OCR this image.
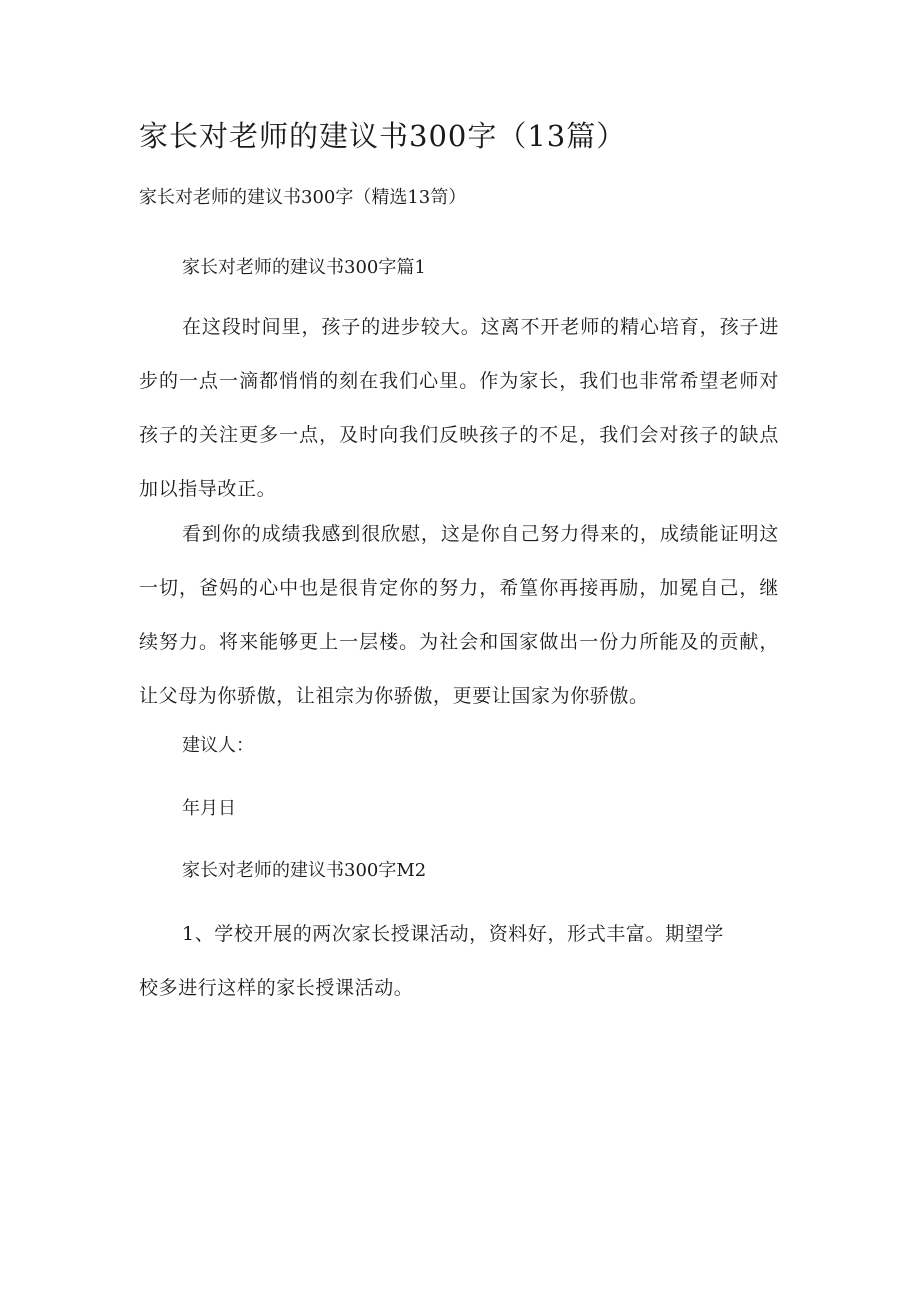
家长对老师的建议书300字（13篇）

家长对老师的建议书300字（精选13笥）

家长对老师的建议书300字篇1

在这段时间里，孩子的进步较大。这离不开老师的精心培育，孩子进
步的一点一滴都悄悄的刻在我们心里。作为家长，我们也非常希望老师对
孩子的关注更多一点，及时向我们反映孩子的不足，我们会对孩子的缺点
加以指导改正。
看到你的成绩我感到很欣慰，这是你自己努力得来的，成绩能证明这
一切，爸妈的心中也是很肯定你的努力，希篁你再接再励，加冕自己，继
续努力。将来能够更上一层楼。为社会和国家做出一份力所能及的贡献，
让父母为你骄傲，让祖宗为你骄傲，更要让国家为你骄傲。

建议人：

年月日

家长对老师的建议书300字M2

1、学校开展的两次家长授课活动，资料好，形式丰富。期望学
校多进行这样的家长授课活动。
